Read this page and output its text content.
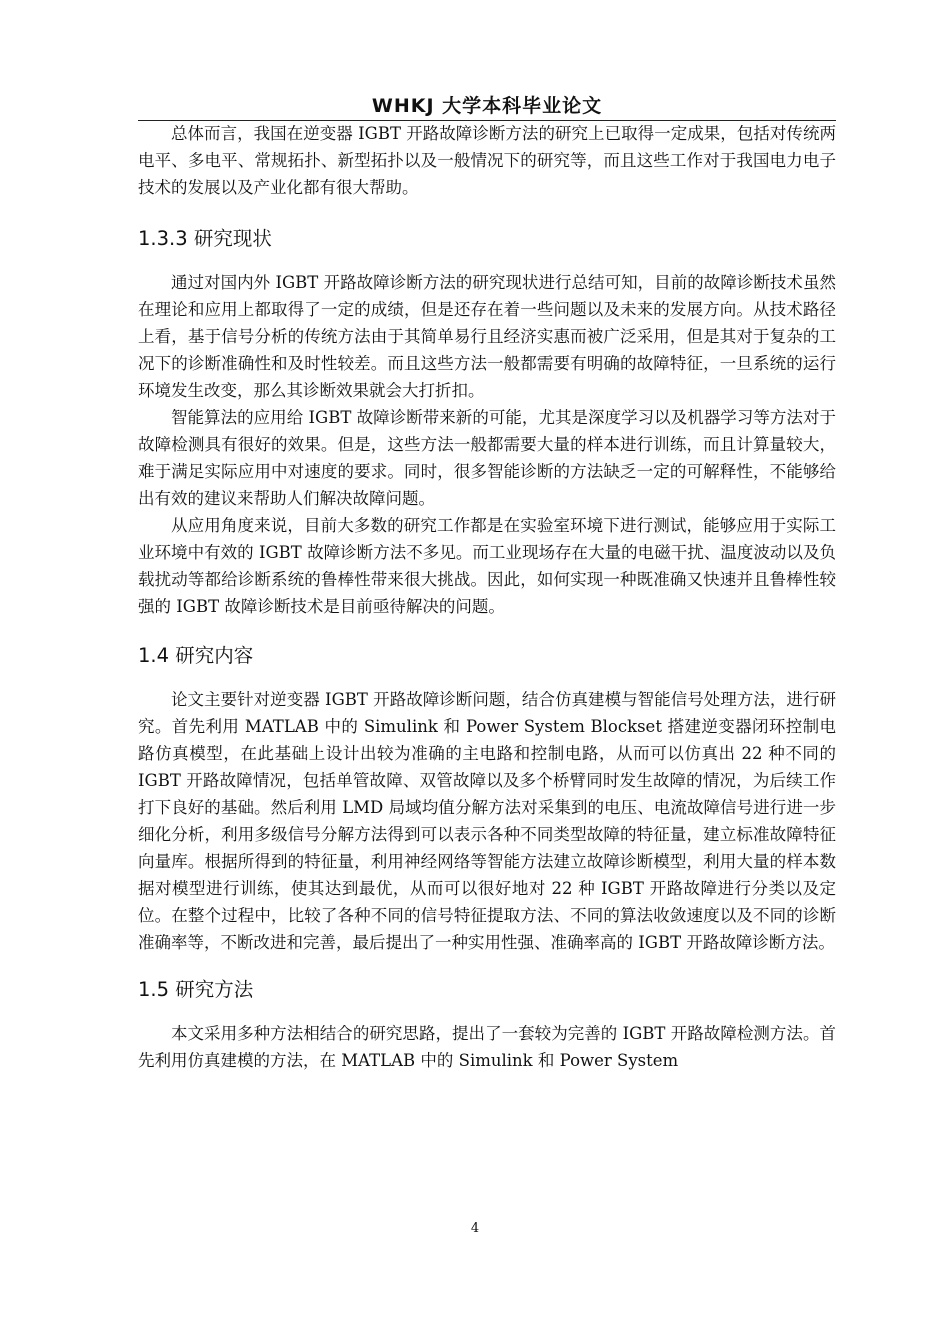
WHKJ 大学本科毕业论文

总体而言，我国在逆变器 IGBT 开路故障诊断方法的研究上已取得一定成果，包括对传统两电平、多电平、常规拓扑、新型拓扑以及一般情况下的研究等，而且这些工作对于我国电力电子技术的发展以及产业化都有很大帮助。

1.3.3 研究现状

通过对国内外 IGBT 开路故障诊断方法的研究现状进行总结可知，目前的故障诊断技术虽然在理论和应用上都取得了一定的成绩，但是还存在着一些问题以及未来的发展方向。从技术路径上看，基于信号分析的传统方法由于其简单易行且经济实惠而被广泛采用，但是其对于复杂的工况下的诊断准确性和及时性较差。而且这些方法一般都需要有明确的故障特征，一旦系统的运行环境发生改变，那么其诊断效果就会大打折扣。

智能算法的应用给 IGBT 故障诊断带来新的可能，尤其是深度学习以及机器学习等方法对于故障检测具有很好的效果。但是，这些方法一般都需要大量的样本进行训练，而且计算量较大，难于满足实际应用中对速度的要求。同时，很多智能诊断的方法缺乏一定的可解释性，不能够给出有效的建议来帮助人们解决故障问题。

从应用角度来说，目前大多数的研究工作都是在实验室环境下进行测试，能够应用于实际工业环境中有效的 IGBT 故障诊断方法不多见。而工业现场存在大量的电磁干扰、温度波动以及负载扰动等都给诊断系统的鲁棒性带来很大挑战。因此，如何实现一种既准确又快速并且鲁棒性较强的 IGBT 故障诊断技术是目前亟待解决的问题。

1.4 研究内容

论文主要针对逆变器 IGBT 开路故障诊断问题，结合仿真建模与智能信号处理方法，进行研究。首先利用 MATLAB 中的 Simulink 和 Power System Blockset 搭建逆变器闭环控制电路仿真模型，在此基础上设计出较为准确的主电路和控制电路，从而可以仿真出 22 种不同的 IGBT 开路故障情况，包括单管故障、双管故障以及多个桥臂同时发生故障的情况，为后续工作打下良好的基础。然后利用 LMD 局域均值分解方法对采集到的电压、电流故障信号进行进一步细化分析，利用多级信号分解方法得到可以表示各种不同类型故障的特征量，建立标准故障特征向量库。根据所得到的特征量，利用神经网络等智能方法建立故障诊断模型，利用大量的样本数据对模型进行训练，使其达到最优，从而可以很好地对 22 种 IGBT 开路故障进行分类以及定位。在整个过程中，比较了各种不同的信号特征提取方法、不同的算法收敛速度以及不同的诊断准确率等，不断改进和完善，最后提出了一种实用性强、准确率高的 IGBT 开路故障诊断方法。

1.5 研究方法

本文采用多种方法相结合的研究思路，提出了一套较为完善的 IGBT 开路故障检测方法。首先利用仿真建模的方法，在 MATLAB 中的 Simulink 和 Power System

4
